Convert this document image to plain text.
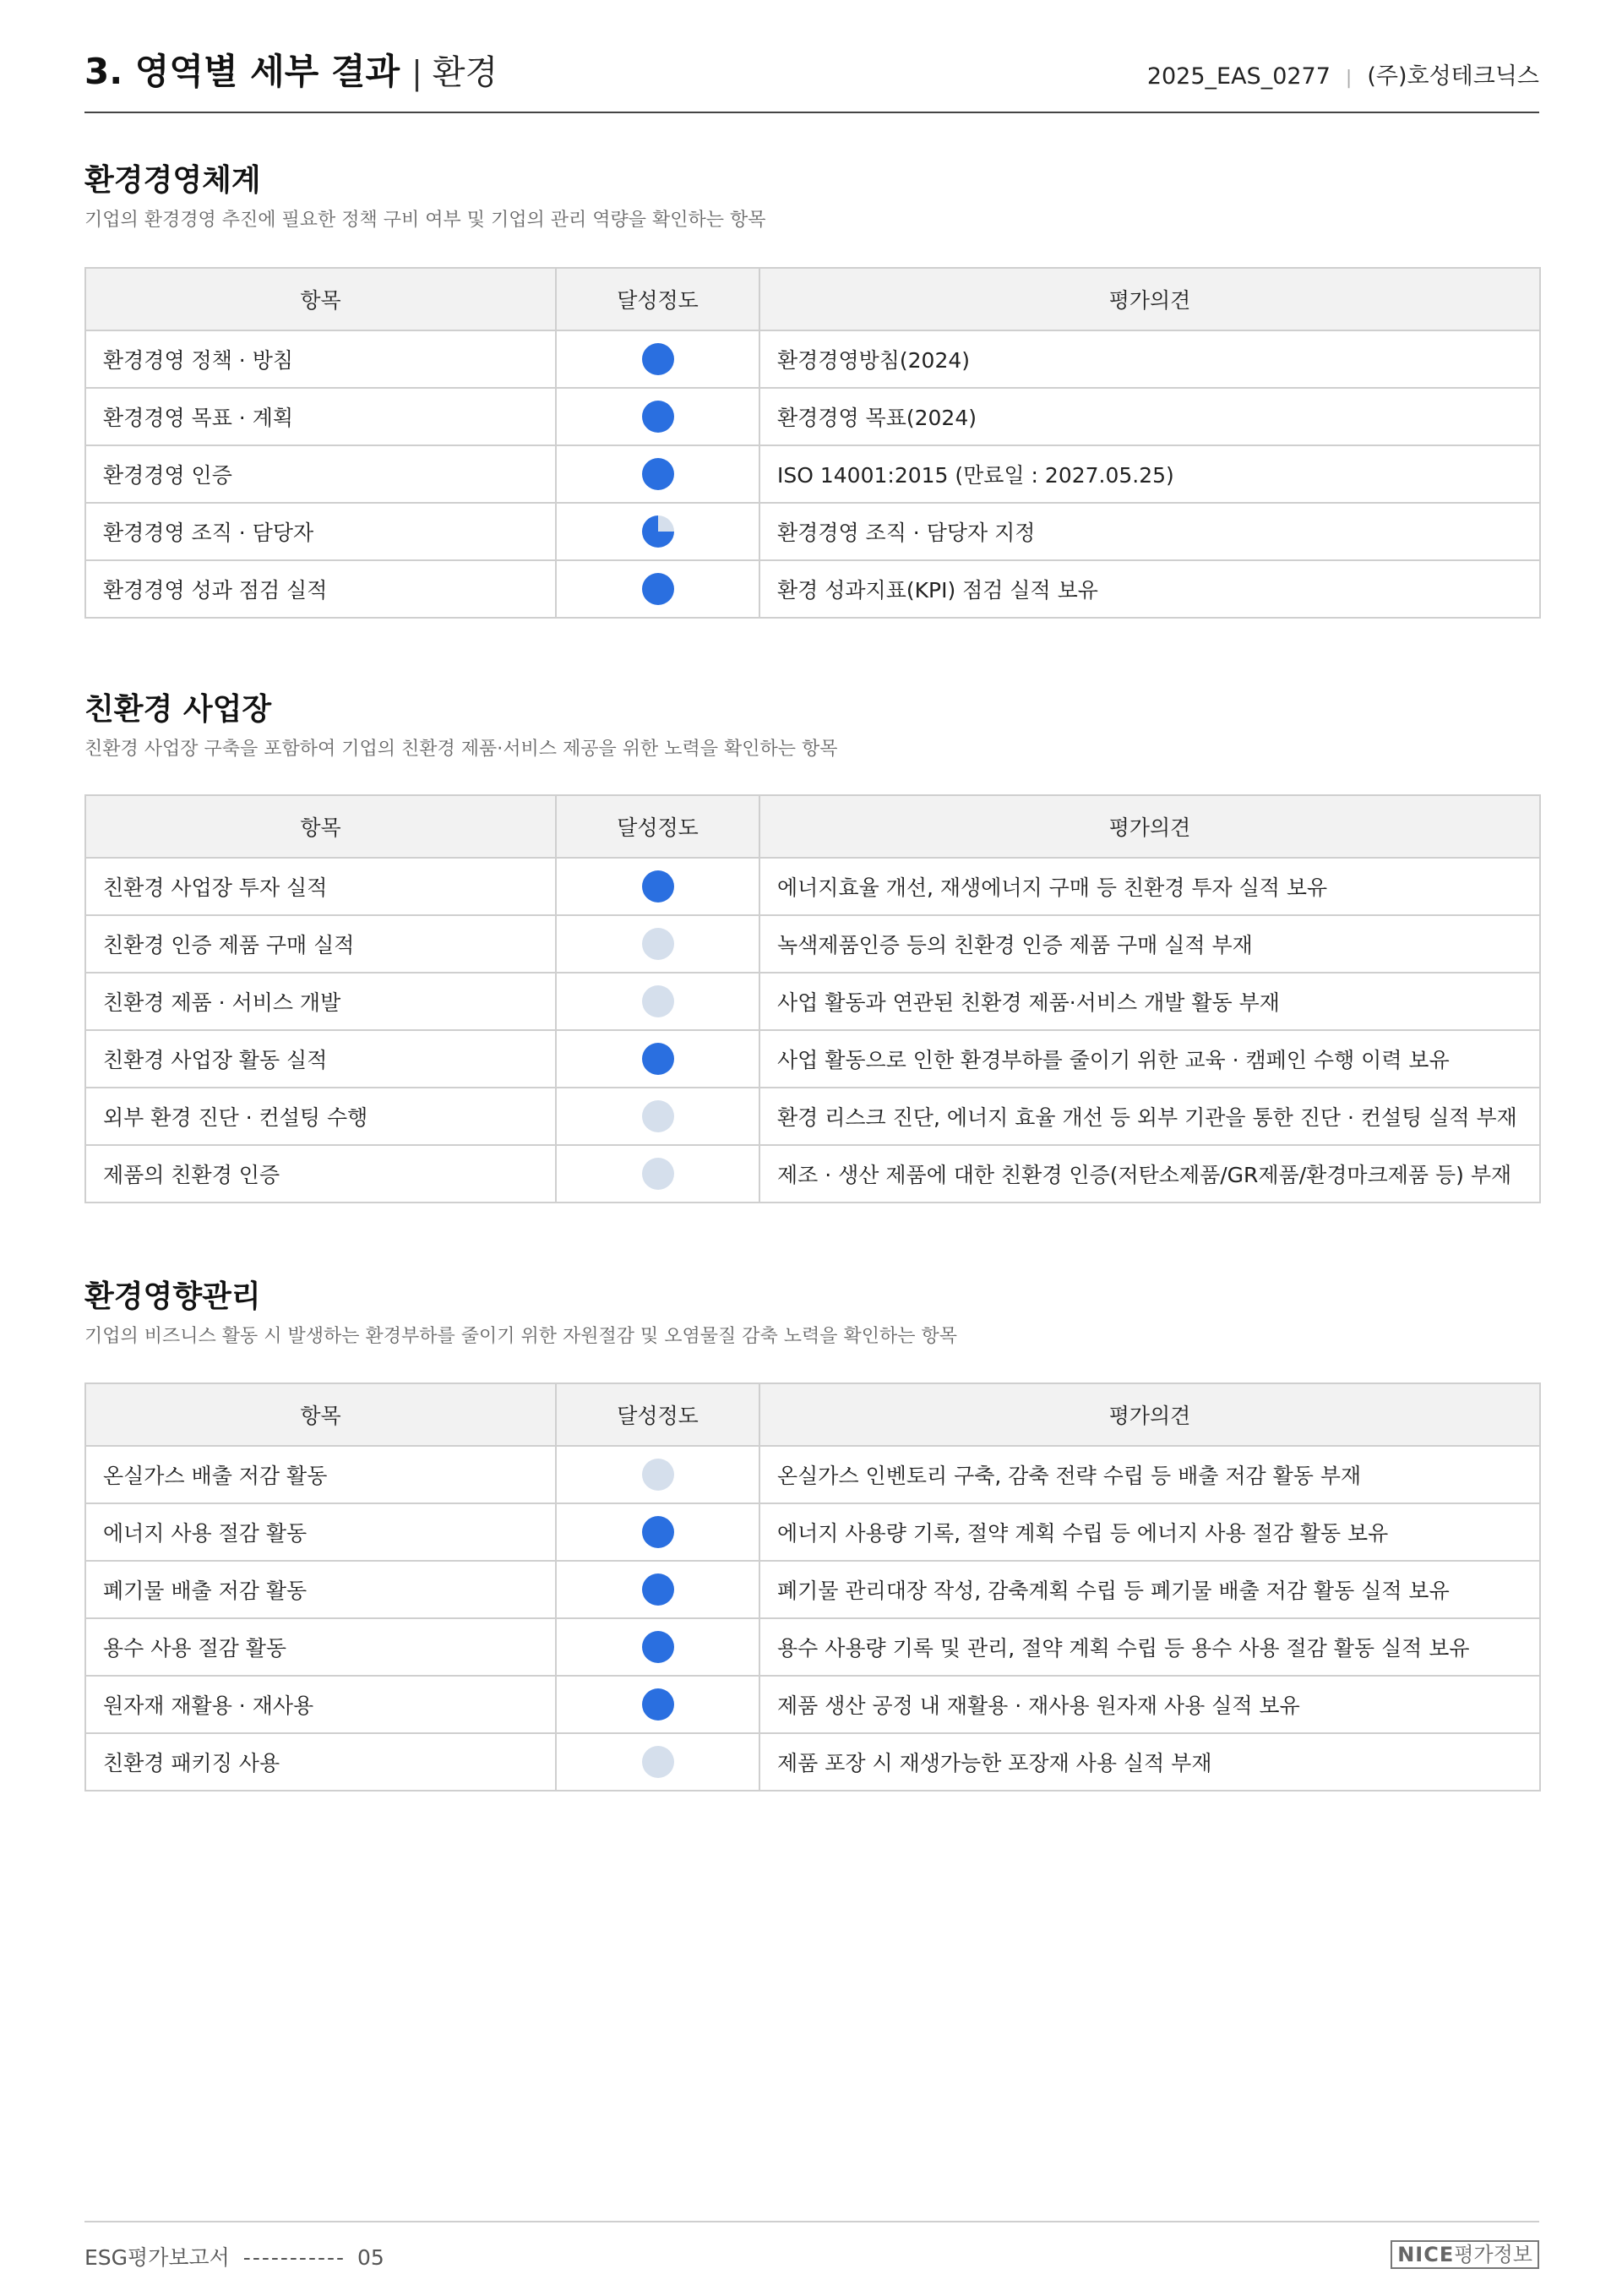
3. 영역별 세부 결과 | 환경	2025_EAS_0277 | (주)호성테크닉스
환경경영체계

기업의 환경경영 추진에 필요한 정책 구비 여부 및 기업의 관리 역량을 확인하는 항목

항목	달성정도	평가의견
환경경영 정책 · 방침		환경경영방침(2024)
환경경영 목표 · 계획		환경경영 목표(2024)
환경경영 인증		ISO 14001:2015 (만료일 : 2027.05.25)
환경경영 조직 · 담당자		환경경영 조직 · 담당자 지정
환경경영 성과 점검 실적		환경 성과지표(KPI) 점검 실적 보유
친환경 사업장

친환경 사업장 구축을 포함하여 기업의 친환경 제품·서비스 제공을 위한 노력을 확인하는 항목

항목	달성정도	평가의견
친환경 사업장 투자 실적		에너지효율 개선, 재생에너지 구매 등 친환경 투자 실적 보유
친환경 인증 제품 구매 실적		녹색제품인증 등의 친환경 인증 제품 구매 실적 부재
친환경 제품 · 서비스 개발		사업 활동과 연관된 친환경 제품·서비스 개발 활동 부재
친환경 사업장 활동 실적		사업 활동으로 인한 환경부하를 줄이기 위한 교육 · 캠페인 수행 이력 보유
외부 환경 진단 · 컨설팅 수행		환경 리스크 진단, 에너지 효율 개선 등 외부 기관을 통한 진단 · 컨설팅 실적 부재
제품의 친환경 인증		제조 · 생산 제품에 대한 친환경 인증(저탄소제품/GR제품/환경마크제품 등) 부재
환경영향관리

기업의 비즈니스 활동 시 발생하는 환경부하를 줄이기 위한 자원절감 및 오염물질 감축 노력을 확인하는 항목

항목	달성정도	평가의견
온실가스 배출 저감 활동		온실가스 인벤토리 구축, 감축 전략 수립 등 배출 저감 활동 부재
에너지 사용 절감 활동		에너지 사용량 기록, 절약 계획 수립 등 에너지 사용 절감 활동 보유
폐기물 배출 저감 활동		폐기물 관리대장 작성, 감축계획 수립 등 폐기물 배출 저감 활동 실적 보유
용수 사용 절감 활동		용수 사용량 기록 및 관리, 절약 계획 수립 등 용수 사용 절감 활동 실적 보유
원자재 재활용 · 재사용		제품 생산 공정 내 재활용 · 재사용 원자재 사용 실적 보유
친환경 패키징 사용		제품 포장 시 재생가능한 포장재 사용 실적 부재
ESG평가보고서 ----------- 05	NICE평가정보
